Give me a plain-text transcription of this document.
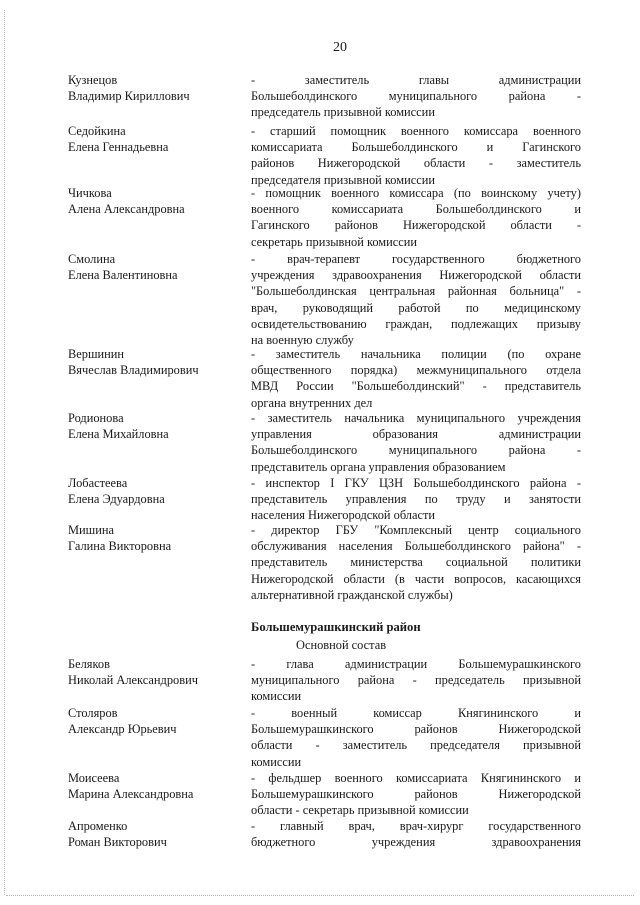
20
Кузнецов
Владимир Кириллович
- заместитель главы администрации
Большеболдинского муниципального района -
председатель призывной комиссии
Седойкина
Елена Геннадьевна
- старший помощник военного комиссара военного
комиссариата Большеболдинского и Гагинского
районов Нижегородской области - заместитель
председателя призывной комиссии
Чичкова
Алена Александровна
- помощник военного комиссара (по воинскому учету)
военного комиссариата Большеболдинского и
Гагинского районов Нижегородской области -
секретарь призывной комиссии
Смолина
Елена Валентиновна
- врач-терапевт государственного бюджетного
учреждения здравоохранения Нижегородской области
"Большеболдинская центральная районная больница" -
врач, руководящий работой по медицинскому
освидетельствованию граждан, подлежащих призыву
на военную службу
Вершинин
Вячеслав Владимирович
- заместитель начальника полиции (по охране
общественного порядка) межмуниципального отдела
МВД России "Большеболдинский" - представитель
органа внутренних дел
Родионова
Елена Михайловна
- заместитель начальника муниципального учреждения
управления образования администрации
Большеболдинского муниципального района -
представитель органа управления образованием
Лобастеева
Елена Эдуардовна
- инспектор I ГКУ ЦЗН Большеболдинского района -
представитель управления по труду и занятости
населения Нижегородской области
Мишина
Галина Викторовна
- директор ГБУ "Комплексный центр социального
обслуживания населения Большеболдинского района" -
представитель министерства социальной политики
Нижегородской области (в части вопросов, касающихся
альтернативной гражданской службы)
Большемурашкинский район
Основной состав
Беляков
Николай Александрович
- глава администрации Большемурашкинского
муниципального района - председатель призывной
комиссии
Столяров
Александр Юрьевич
- военный комиссар Княгининского и
Большемурашкинского районов Нижегородской
области - заместитель председателя призывной
комиссии
Моисеева
Марина Александровна
- фельдшер военного комиссариата Княгининского и
Большемурашкинского районов Нижегородской
области - секретарь призывной комиссии
Апроменко
Роман Викторович
- главный врач, врач-хирург государственного
бюджетного учреждения здравоохранения
